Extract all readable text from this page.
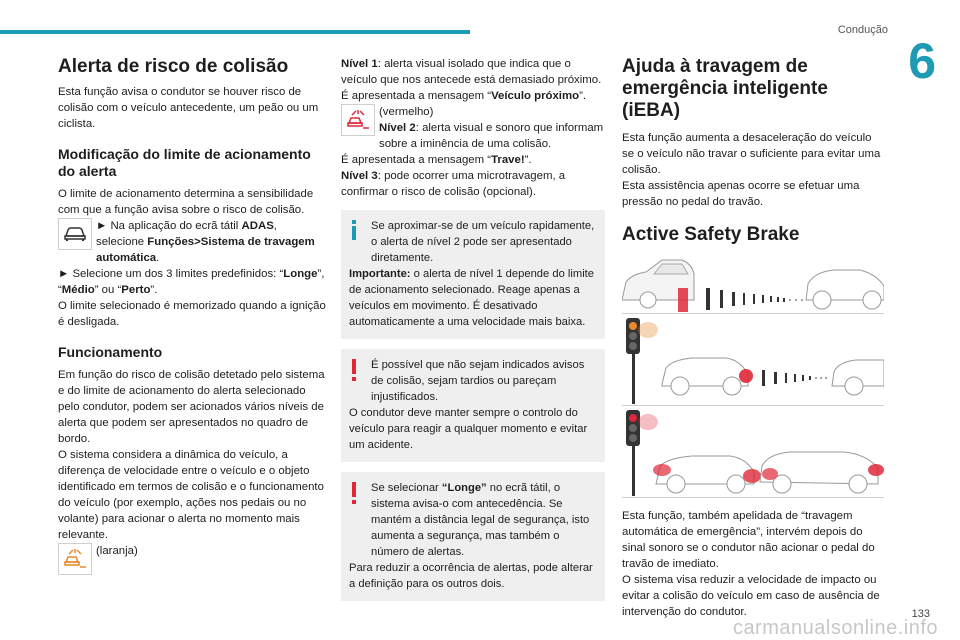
Condução
6
Alerta de risco de colisão

Esta função avisa o condutor se houver risco de colisão com o veículo antecedente, um peão ou um ciclista.

Modificação do limite de acionamento do alerta

O limite de acionamento determina a sensibilidade com que a função avisa sobre o risco de colisão.

► Na aplicação do ecrã tátil ADAS, selecione Funções>Sistema de travagem automática.

► Selecione um dos 3 limites predefinidos: “Longe”, “Médio” ou “Perto”.

O limite selecionado é memorizado quando a ignição é desligada.

Funcionamento

Em função do risco de colisão detetado pelo sistema e do limite de acionamento do alerta selecionado pelo condutor, podem ser acionados vários níveis de alerta que podem ser apresentados no quadro de bordo.

O sistema considera a dinâmica do veículo, a diferença de velocidade entre o veículo e o objeto identificado em termos de colisão e o funcionamento do veículo (por exemplo, ações nos pedais ou no volante) para acionar o alerta no momento mais relevante.

(laranja)

Nível 1: alerta visual isolado que indica que o veículo que nos antecede está demasiado próximo.

É apresentada a mensagem “Veículo próximo”.

(vermelho)

Nível 2: alerta visual e sonoro que informam sobre a iminência de uma colisão.

É apresentada a mensagem “Trave!”.

Nível 3: pode ocorrer uma microtravagem, a confirmar o risco de colisão (opcional).

Se aproximar-se de um veículo rapidamente, o alerta de nível 2 pode ser apresentado diretamente.

Importante: o alerta de nível 1 depende do limite de acionamento selecionado. Reage apenas a veículos em movimento. É desativado automaticamente a uma velocidade mais baixa.

É possível que não sejam indicados avisos de colisão, sejam tardios ou pareçam injustificados.

O condutor deve manter sempre o controlo do veículo para reagir a qualquer momento e evitar um acidente.

Se selecionar “Longe” no ecrã tátil, o sistema avisa-o com antecedência. Se mantém a distância legal de segurança, isto aumenta a segurança, mas também o número de alertas.

Para reduzir a ocorrência de alertas, pode alterar a definição para os outros dois.

Ajuda à travagem de emergência inteligente (iEBA)

Esta função aumenta a desaceleração do veículo se o veículo não travar o suficiente para evitar uma colisão.

Esta assistência apenas ocorre se efetuar uma pressão no pedal do travão.

Active Safety Brake

Esta função, também apelidada de “travagem automática de emergência”, intervém depois do sinal sonoro se o condutor não acionar o pedal do travão de imediato.

O sistema visa reduzir a velocidade de impacto ou evitar a colisão do veículo em caso de ausência de intervenção do condutor.	133
carmanualsonline.info
